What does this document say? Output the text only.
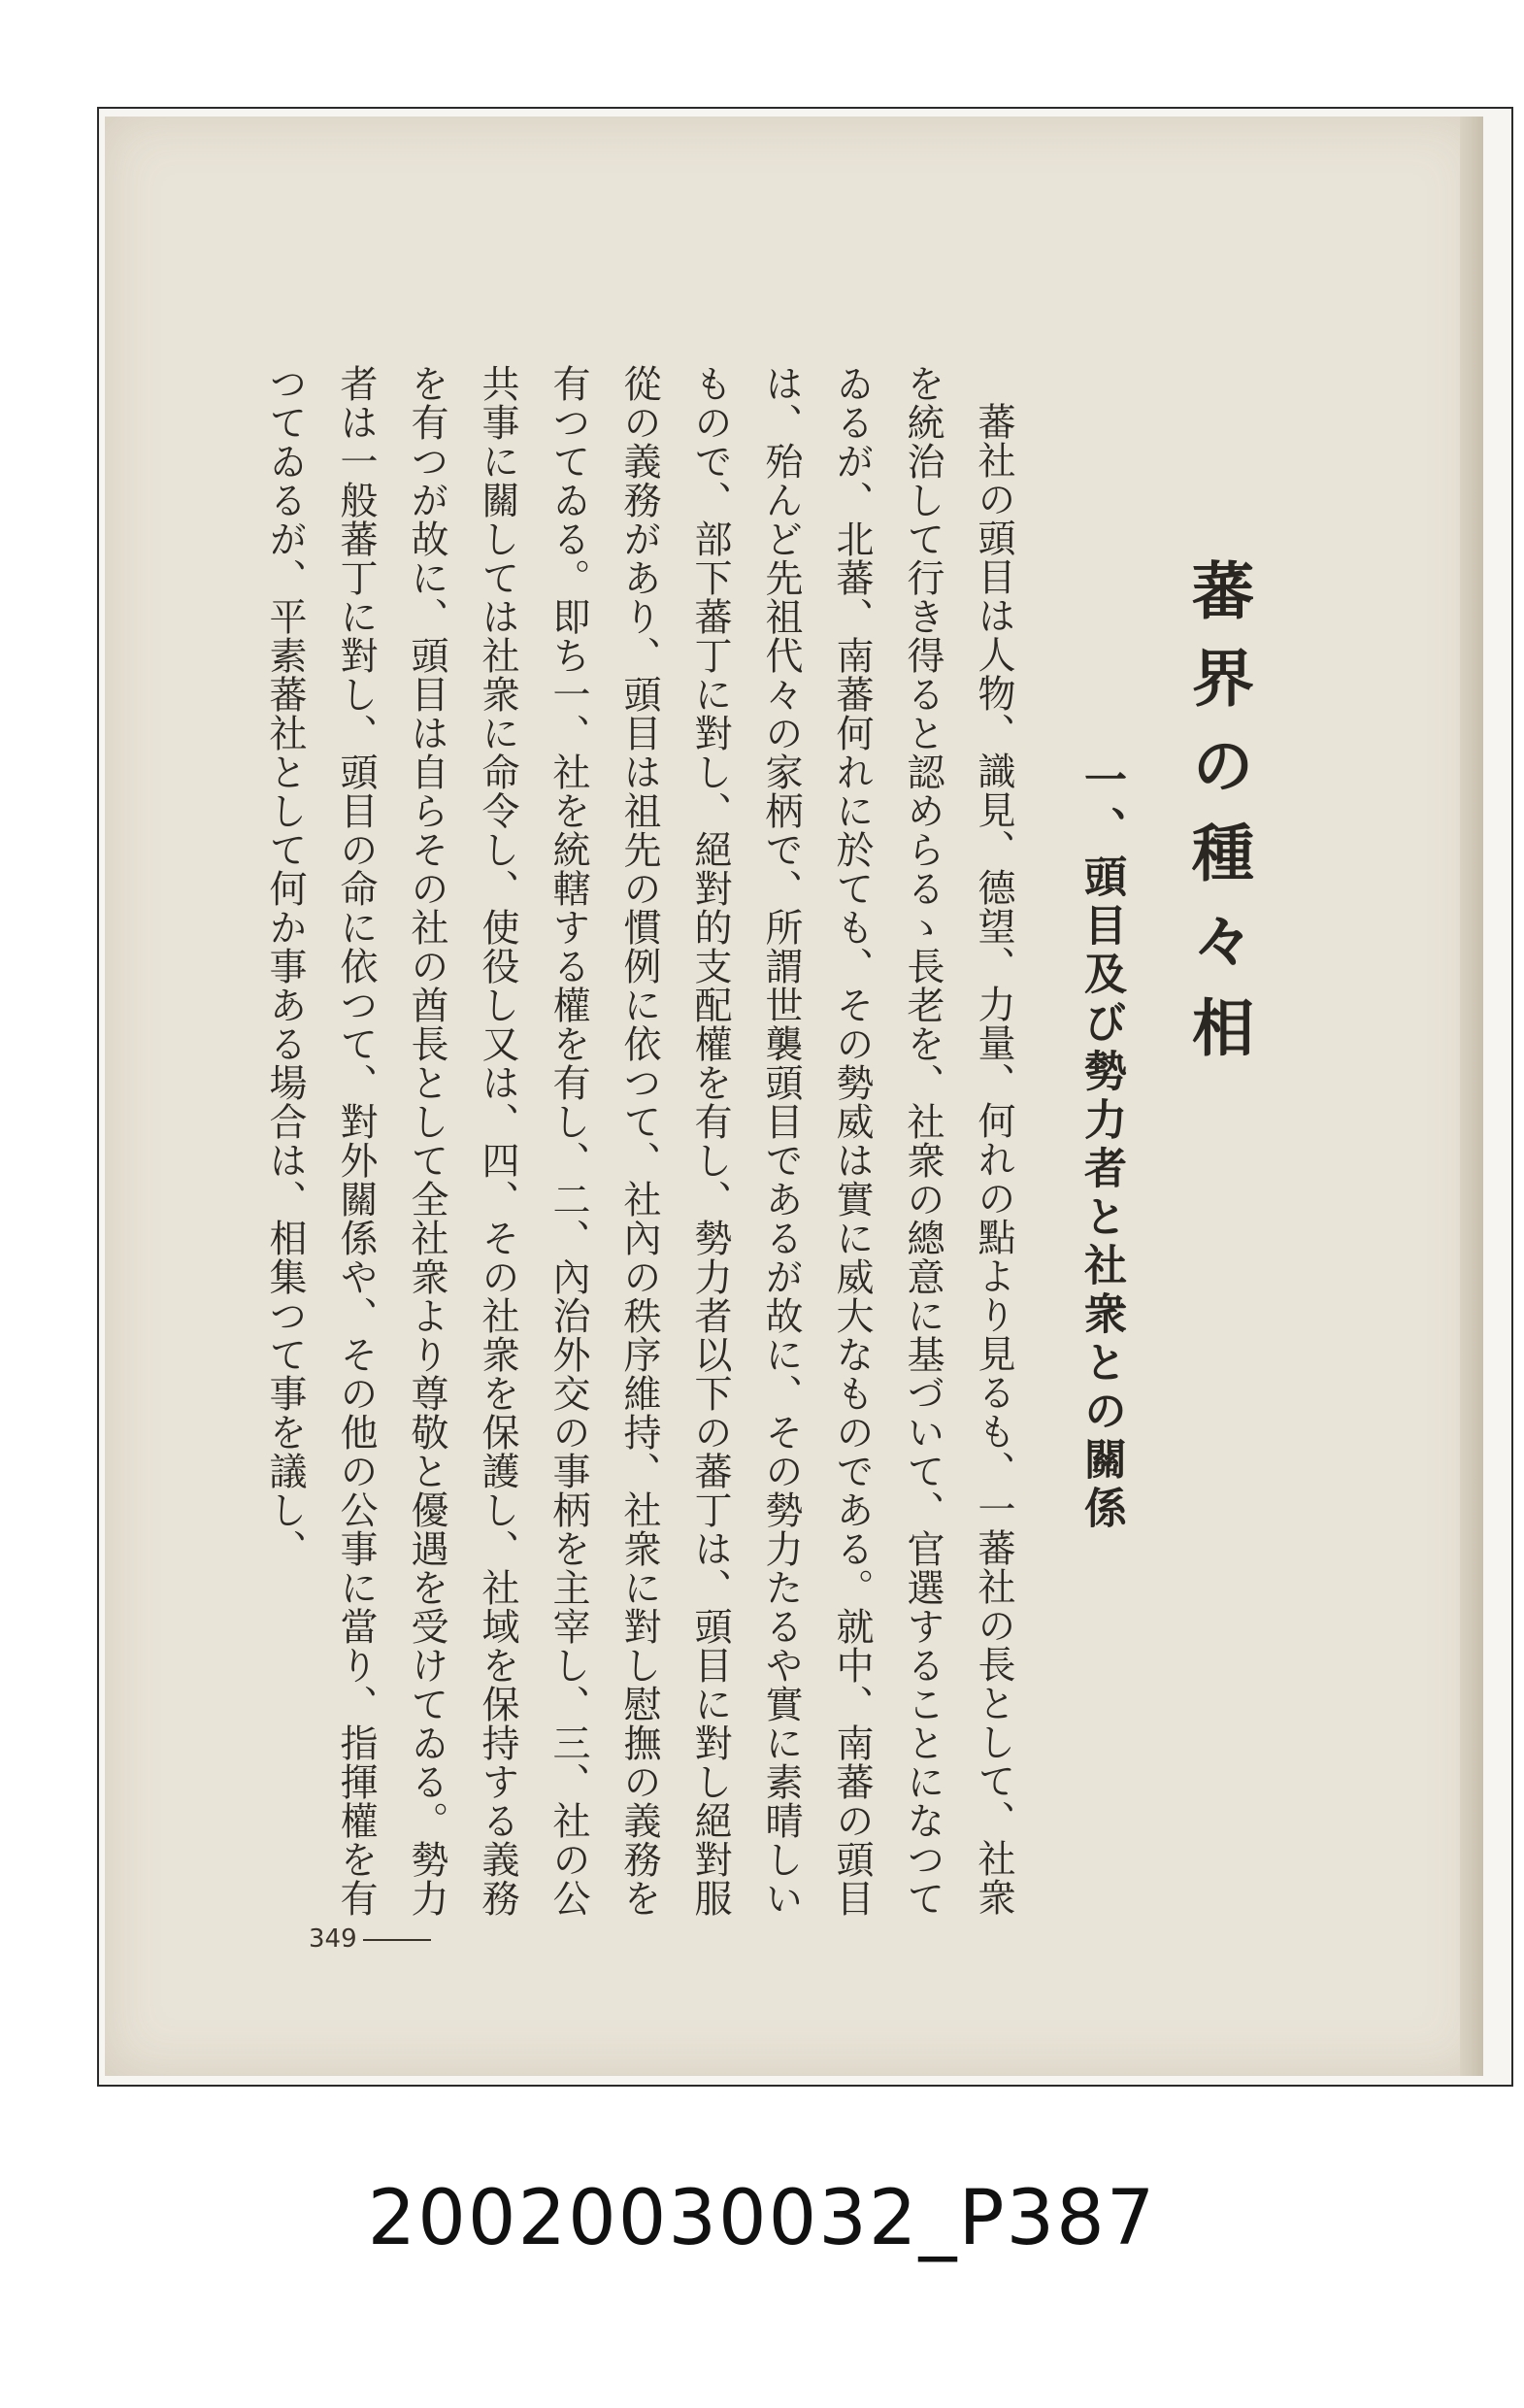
蕃界の種々相
一、頭目及び勢力者と社衆との關係

蕃社の頭目は人物、識見、德望、力量、何れの點より見るも、一蕃社の長として、社衆を統治して行き得ると認めらるゝ長老を、社衆の總意に基づいて、官選することになつてゐるが、北蕃、南蕃何れに於ても、その勢威は實に威大なものである。就中、南蕃の頭目は、殆んど先祖代々の家柄で、所謂世襲頭目であるが故に、その勢力たるや實に素晴しいもので、部下蕃丁に對し、絕對的支配權を有し、勢力者以下の蕃丁は、頭目に對し絕對服從の義務があり、頭目は祖先の慣例に依つて、社內の秩序維持、社衆に對し慰撫の義務を有つてゐる。即ち一、社を統轄する權を有し、二、內治外交の事柄を主宰し、三、社の公共事に關しては社衆に命令し、使役し又は、四、その社衆を保護し、社域を保持する義務を有つが故に、頭目は自らその社の酋長として全社衆より尊敬と優遇を受けてゐる。勢力者は一般蕃丁に對し、頭目の命に依つて、對外關係や、その他の公事に當り、指揮權を有つてゐるが、平素蕃社として何か事ある場合は、相集つて事を議し、

349
20020030032_P387
